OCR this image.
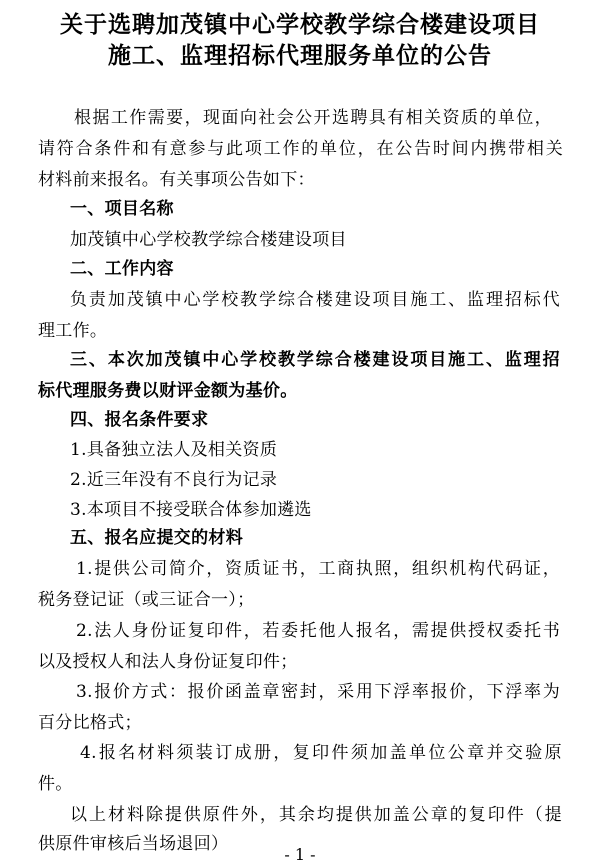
关于选聘加茂镇中心学校教学综合楼建设项目
施工、监理招标代理服务单位的公告
根据工作需要，现面向社会公开选聘具有相关资质的单位，
请符合条件和有意参与此项工作的单位，在公告时间内携带相关
材料前来报名。有关事项公告如下：
一、项目名称
加茂镇中心学校教学综合楼建设项目
二、工作内容
负责加茂镇中心学校教学综合楼建设项目施工、监理招标代
理工作。
三、本次加茂镇中心学校教学综合楼建设项目施工、监理招
标代理服务费以财评金额为基价。
四、报名条件要求
1.具备独立法人及相关资质
2.近三年没有不良行为记录
3.本项目不接受联合体参加遴选
五、报名应提交的材料
1.提供公司简介，资质证书，工商执照，组织机构代码证，
税务登记证（或三证合一）；
2.法人身份证复印件，若委托他人报名，需提供授权委托书
以及授权人和法人身份证复印件；
3.报价方式：报价函盖章密封，采用下浮率报价，下浮率为
百分比格式；
4.报名材料须装订成册，复印件须加盖单位公章并交验原
件。
以上材料除提供原件外，其余均提供加盖公章的复印件（提
供原件审核后当场退回）
- 1 -
